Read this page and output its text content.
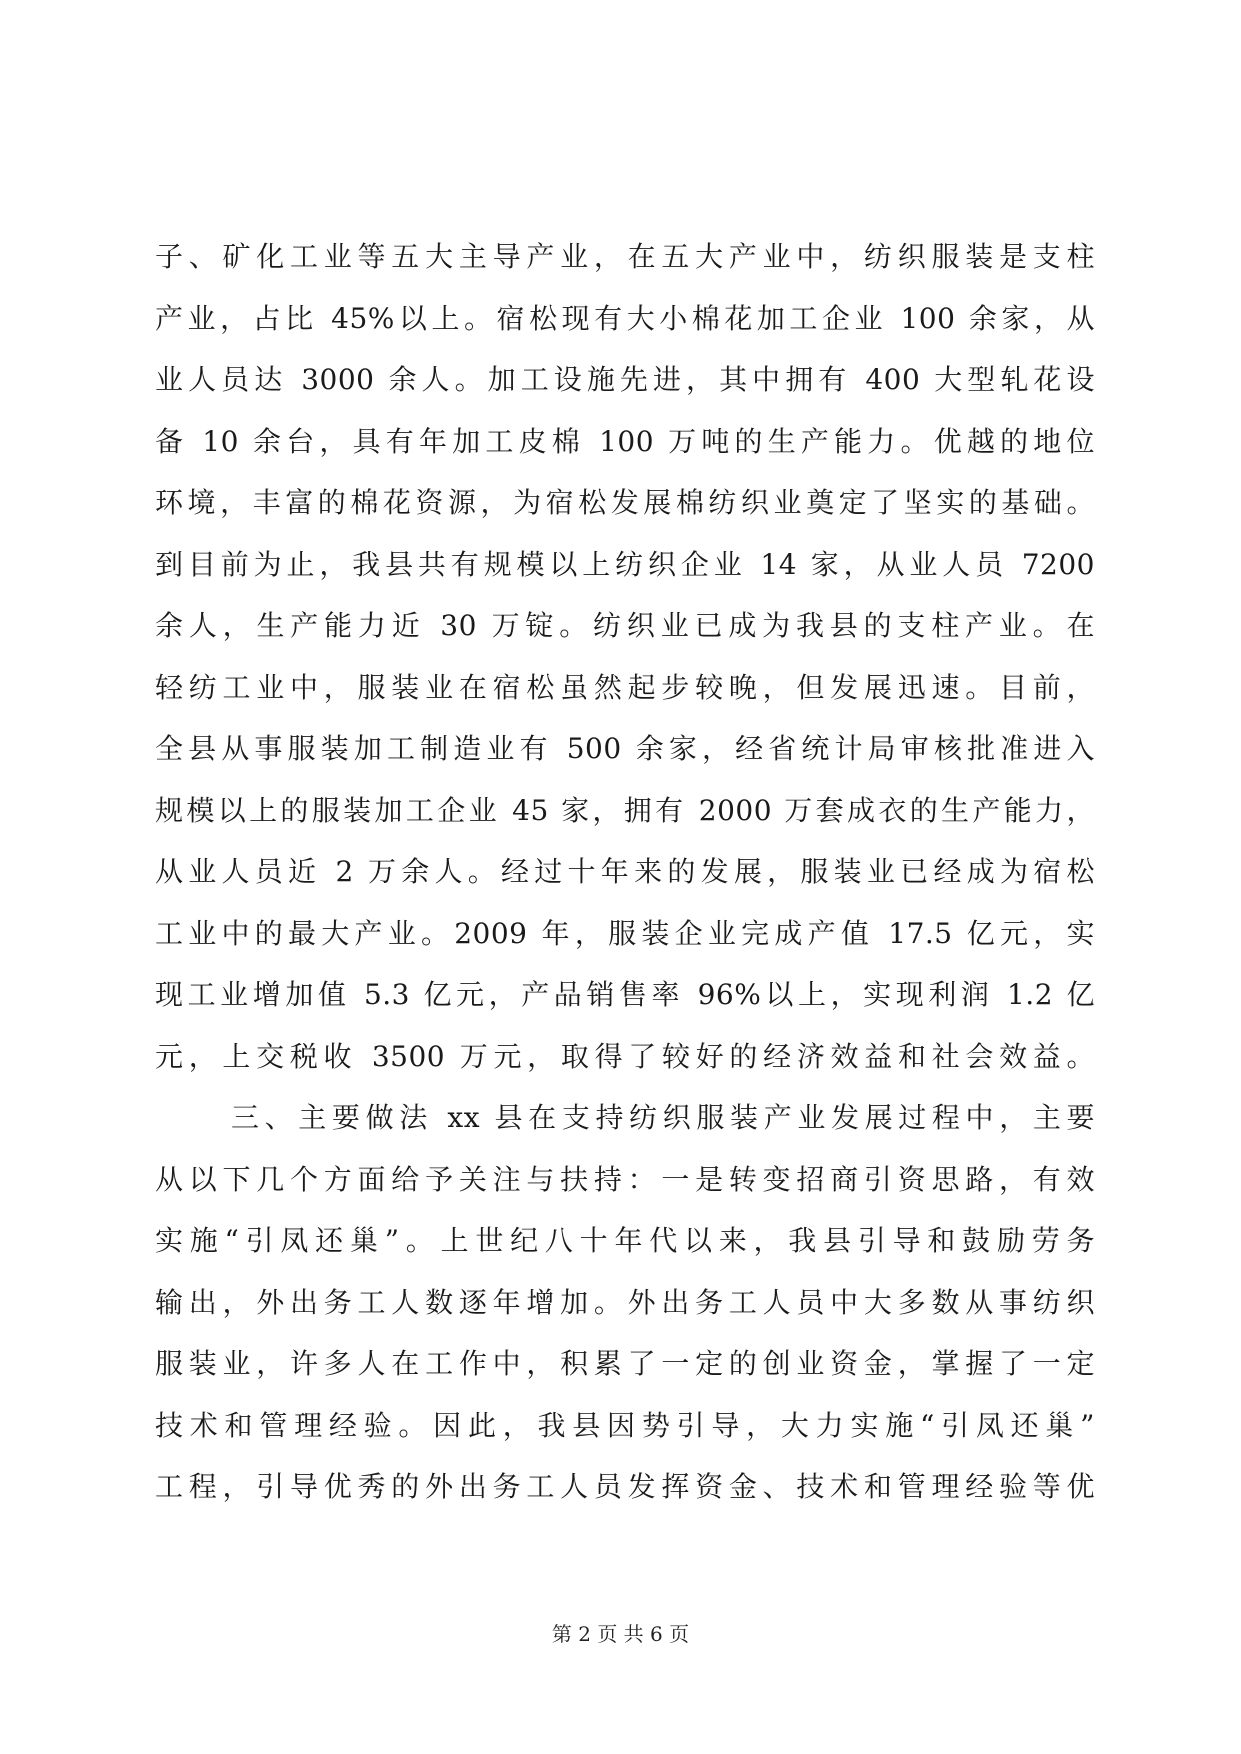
子、矿化工业等五大主导产业，在五大产业中，纺织服装是支柱
产业，占比 45%以上。宿松现有大小棉花加工企业 100 余家，从
业人员达 3000 余人。加工设施先进，其中拥有 400 大型轧花设
备 10 余台，具有年加工皮棉 100 万吨的生产能力。优越的地位
环境，丰富的棉花资源，为宿松发展棉纺织业奠定了坚实的基础。
到目前为止，我县共有规模以上纺织企业 14 家，从业人员 7200
余人，生产能力近 30 万锭。纺织业已成为我县的支柱产业。在
轻纺工业中，服装业在宿松虽然起步较晚，但发展迅速。目前，
全县从事服装加工制造业有 500 余家，经省统计局审核批准进入
规模以上的服装加工企业 45 家，拥有 2000 万套成衣的生产能力，
从业人员近 2 万余人。经过十年来的发展，服装业已经成为宿松
工业中的最大产业。2009 年，服装企业完成产值 17.5 亿元，实
现工业增加值 5.3 亿元，产品销售率 96%以上，实现利润 1.2 亿
元，上交税收 3500 万元，取得了较好的经济效益和社会效益。
三、主要做法 xx 县在支持纺织服装产业发展过程中，主要
从以下几个方面给予关注与扶持：一是转变招商引资思路，有效
实施“引凤还巢”。上世纪八十年代以来，我县引导和鼓励劳务
输出，外出务工人数逐年增加。外出务工人员中大多数从事纺织
服装业，许多人在工作中，积累了一定的创业资金，掌握了一定
技术和管理经验。因此，我县因势引导，大力实施“引凤还巢”
工程，引导优秀的外出务工人员发挥资金、技术和管理经验等优
第 2 页 共 6 页
